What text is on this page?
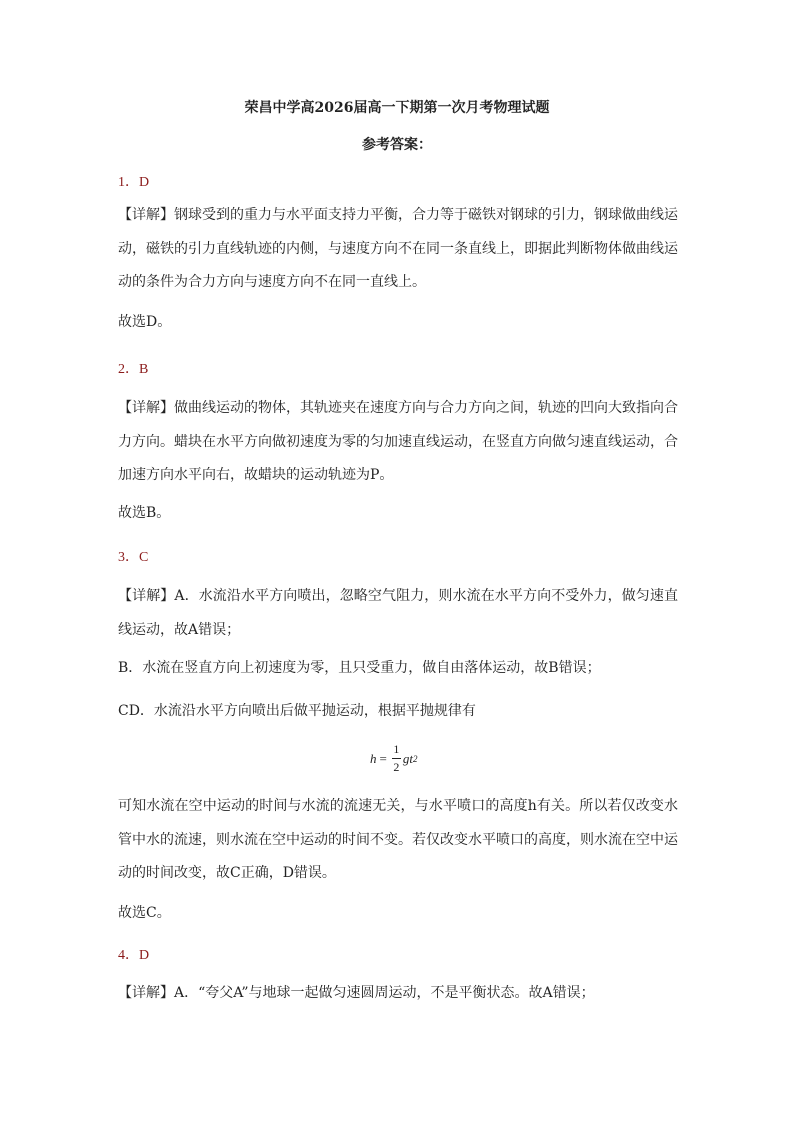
荣昌中学高2026届高一下期第一次月考物理试题
参考答案：
1．D
【详解】钢球受到的重力与水平面支持力平衡，合力等于磁铁对钢球的引力，钢球做曲线运动，磁铁的引力直线轨迹的内侧，与速度方向不在同一条直线上，即据此判断物体做曲线运动的条件为合力方向与速度方向不在同一直线上。
故选D。
2．B
【详解】做曲线运动的物体，其轨迹夹在速度方向与合力方向之间，轨迹的凹向大致指向合力方向。蜡块在水平方向做初速度为零的匀加速直线运动，在竖直方向做匀速直线运动，合加速方向水平向右，故蜡块的运动轨迹为P。
故选B。
3．C
【详解】A．水流沿水平方向喷出，忽略空气阻力，则水流在水平方向不受外力，做匀速直线运动，故A错误；
B．水流在竖直方向上初速度为零，且只受重力，做自由落体运动，故B错误；
CD．水流沿水平方向喷出后做平抛运动，根据平抛规律有
$h = \frac{1}{2}$ gt 2
可知水流在空中运动的时间与水流的流速无关，与水平喷口的高度h有关。所以若仅改变水管中水的流速，则水流在空中运动的时间不变。若仅改变水平喷口的高度，则水流在空中运动的时间改变，故C正确，D错误。
故选C。
4．D
【详解】A．“夸父A”与地球一起做匀速圆周运动，不是平衡状态。故A错误；
